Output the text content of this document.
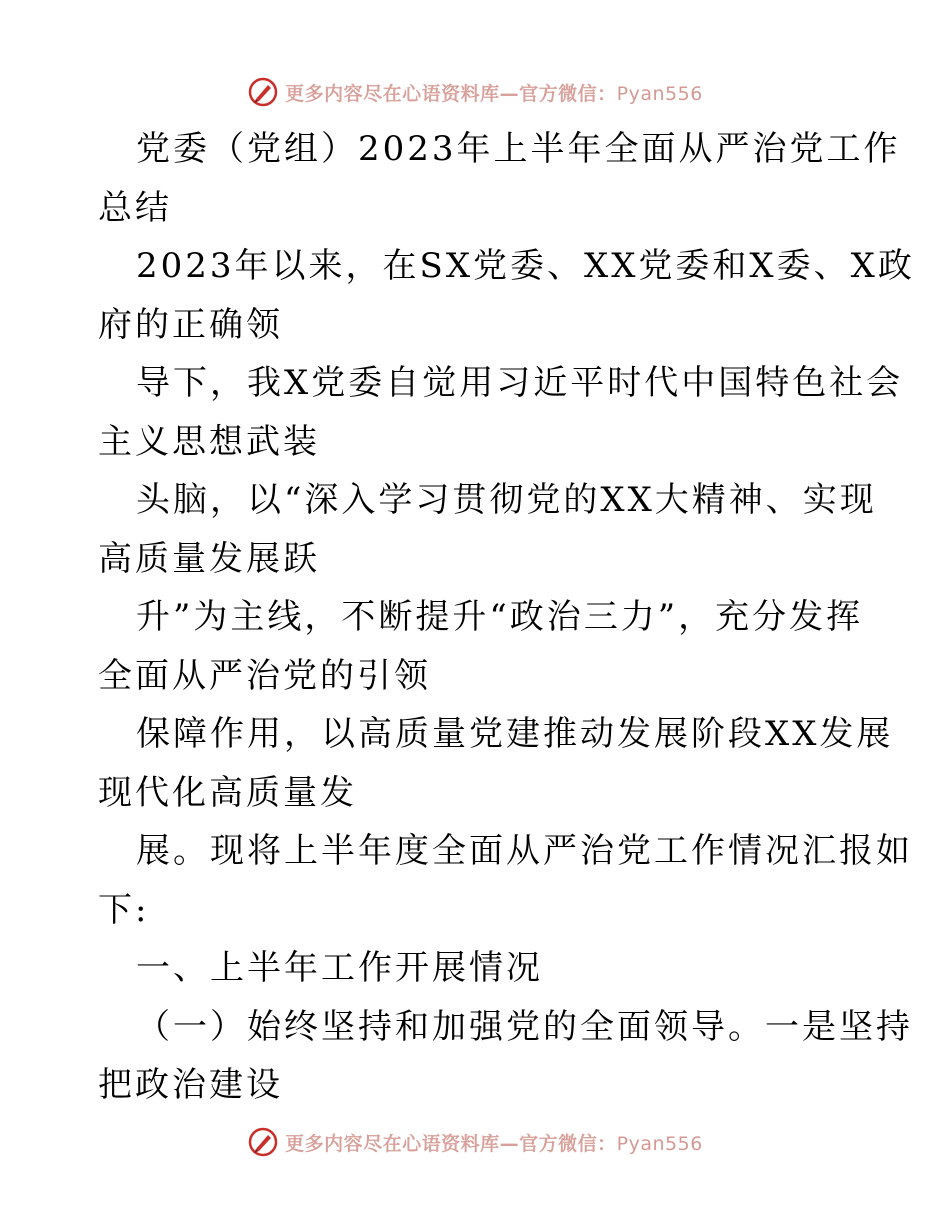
更多内容尽在心语资料库—官方微信：Pyan556
党委（党组）2023年上半年全面从严治党工作
总结
2023年以来，在SX党委、XX党委和X委、X政
府的正确领
导下，我X党委自觉用习近平时代中国特色社会
主义思想武装
头脑，以“深入学习贯彻党的XX大精神、实现
高质量发展跃
升”为主线，不断提升“政治三力”，充分发挥
全面从严治党的引领
保障作用，以高质量党建推动发展阶段XX发展
现代化高质量发
展。现将上半年度全面从严治党工作情况汇报如
下:
一、上半年工作开展情况
（一）始终坚持和加强党的全面领导。一是坚持
把政治建设
更多内容尽在心语资料库—官方微信：Pyan556
